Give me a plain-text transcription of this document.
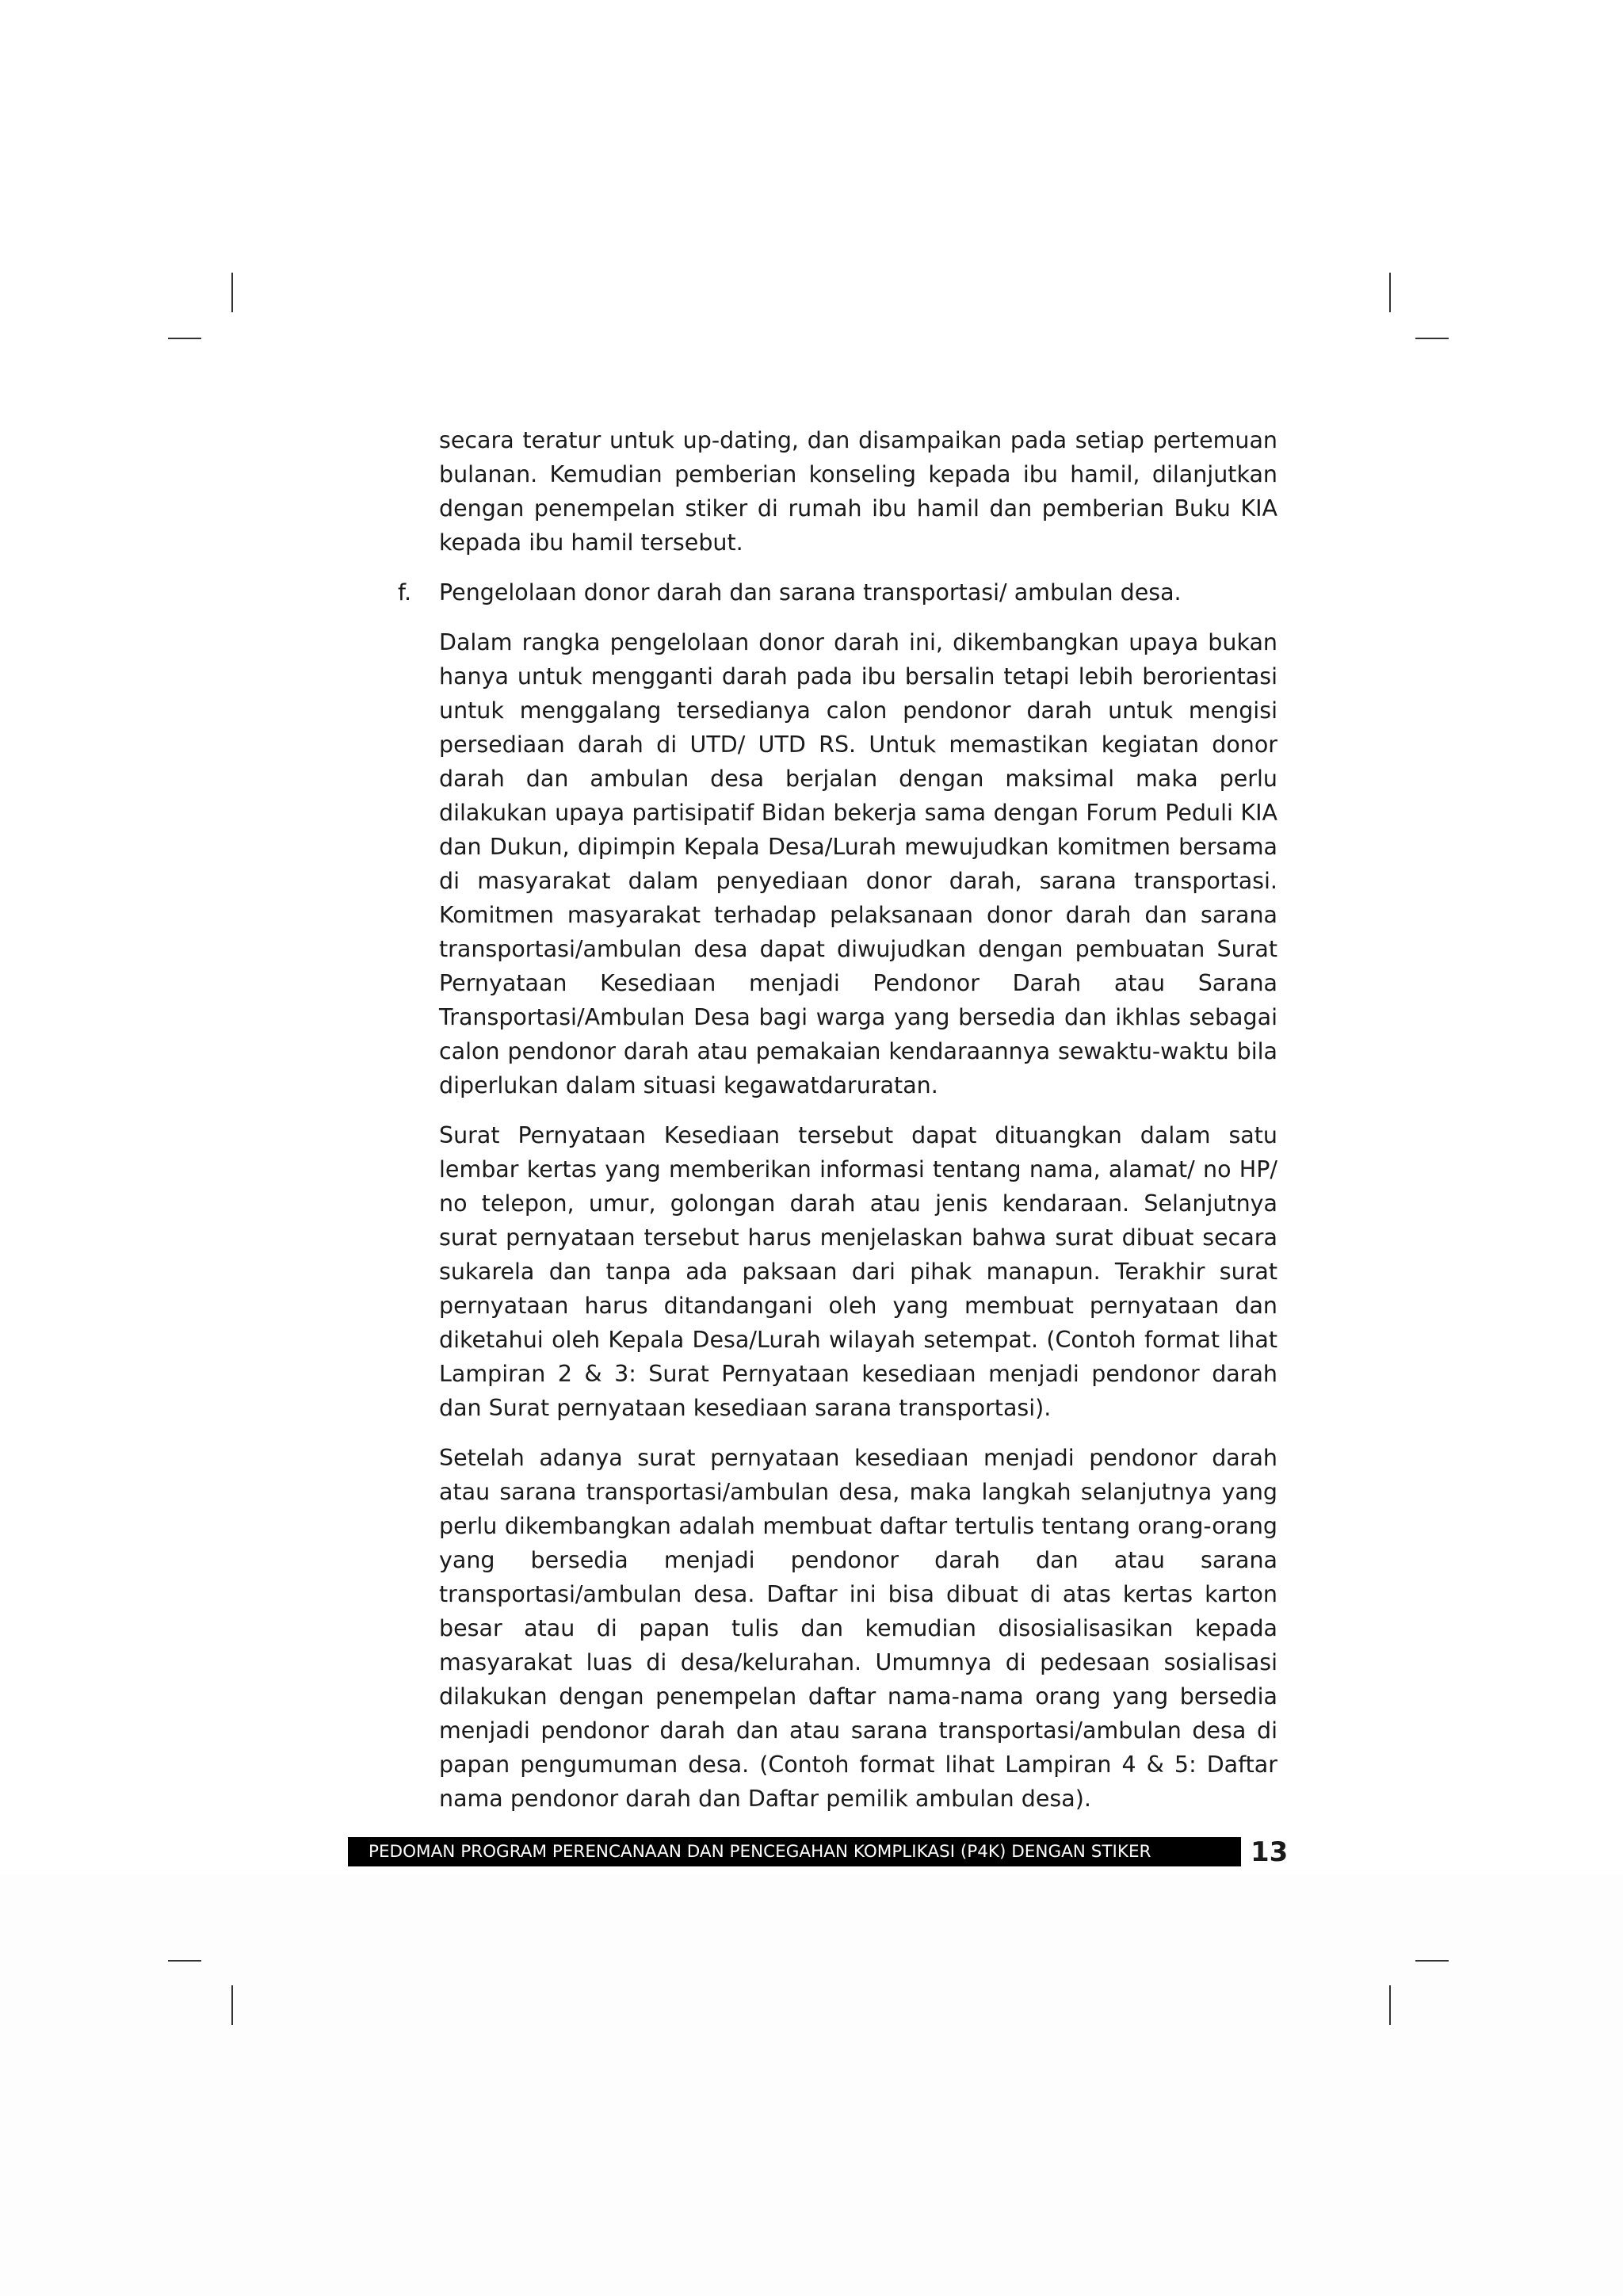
secara teratur untuk up-dating, dan disampaikan pada setiap pertemuan bulanan. Kemudian pemberian konseling kepada ibu hamil, dilanjutkan dengan penempelan stiker di rumah ibu hamil dan pemberian Buku KIA kepada ibu hamil tersebut.

f. Pengelolaan donor darah dan sarana transportasi/ ambulan desa.

Dalam rangka pengelolaan donor darah ini, dikembangkan upaya bukan hanya untuk mengganti darah pada ibu bersalin tetapi lebih berorientasi untuk menggalang tersedianya calon pendonor darah untuk mengisi persediaan darah di UTD/ UTD RS. Untuk memastikan kegiatan donor darah dan ambulan desa berjalan dengan maksimal maka perlu dilakukan upaya partisipatif Bidan bekerja sama dengan Forum Peduli KIA dan Dukun, dipimpin Kepala Desa/Lurah mewujudkan komitmen bersama di masyarakat dalam penyediaan donor darah, sarana transportasi. Komitmen masyarakat terhadap pelaksanaan donor darah dan sarana transportasi/ambulan desa dapat diwujudkan dengan pembuatan Surat Pernyataan Kesediaan menjadi Pendonor Darah atau Sarana Transportasi/Ambulan Desa bagi warga yang bersedia dan ikhlas sebagai calon pendonor darah atau pemakaian kendaraannya sewaktu-waktu bila diperlukan dalam situasi kegawatdaruratan.

Surat Pernyataan Kesediaan tersebut dapat dituangkan dalam satu lembar kertas yang memberikan informasi tentang nama, alamat/ no HP/ no telepon, umur, golongan darah atau jenis kendaraan. Selanjutnya surat pernyataan tersebut harus menjelaskan bahwa surat dibuat secara sukarela dan tanpa ada paksaan dari pihak manapun. Terakhir surat pernyataan harus ditandangani oleh yang membuat pernyataan dan diketahui oleh Kepala Desa/Lurah wilayah setempat. (Contoh format lihat Lampiran 2 & 3: Surat Pernyataan kesediaan menjadi pendonor darah dan Surat pernyataan kesediaan sarana transportasi).

Setelah adanya surat pernyataan kesediaan menjadi pendonor darah atau sarana transportasi/ambulan desa, maka langkah selanjutnya yang perlu dikembangkan adalah membuat daftar tertulis tentang orang-orang yang bersedia menjadi pendonor darah dan atau sarana transportasi/ambulan desa. Daftar ini bisa dibuat di atas kertas karton besar atau di papan tulis dan kemudian disosialisasikan kepada masyarakat luas di desa/kelurahan. Umumnya di pedesaan sosialisasi dilakukan dengan penempelan daftar nama-nama orang yang bersedia menjadi pendonor darah dan atau sarana transportasi/ambulan desa di papan pengumuman desa. (Contoh format lihat Lampiran 4 & 5: Daftar nama pendonor darah dan Daftar pemilik ambulan desa).

PEDOMAN PROGRAM PERENCANAAN DAN PENCEGAHAN KOMPLIKASI (P4K) DENGAN STIKER	13
